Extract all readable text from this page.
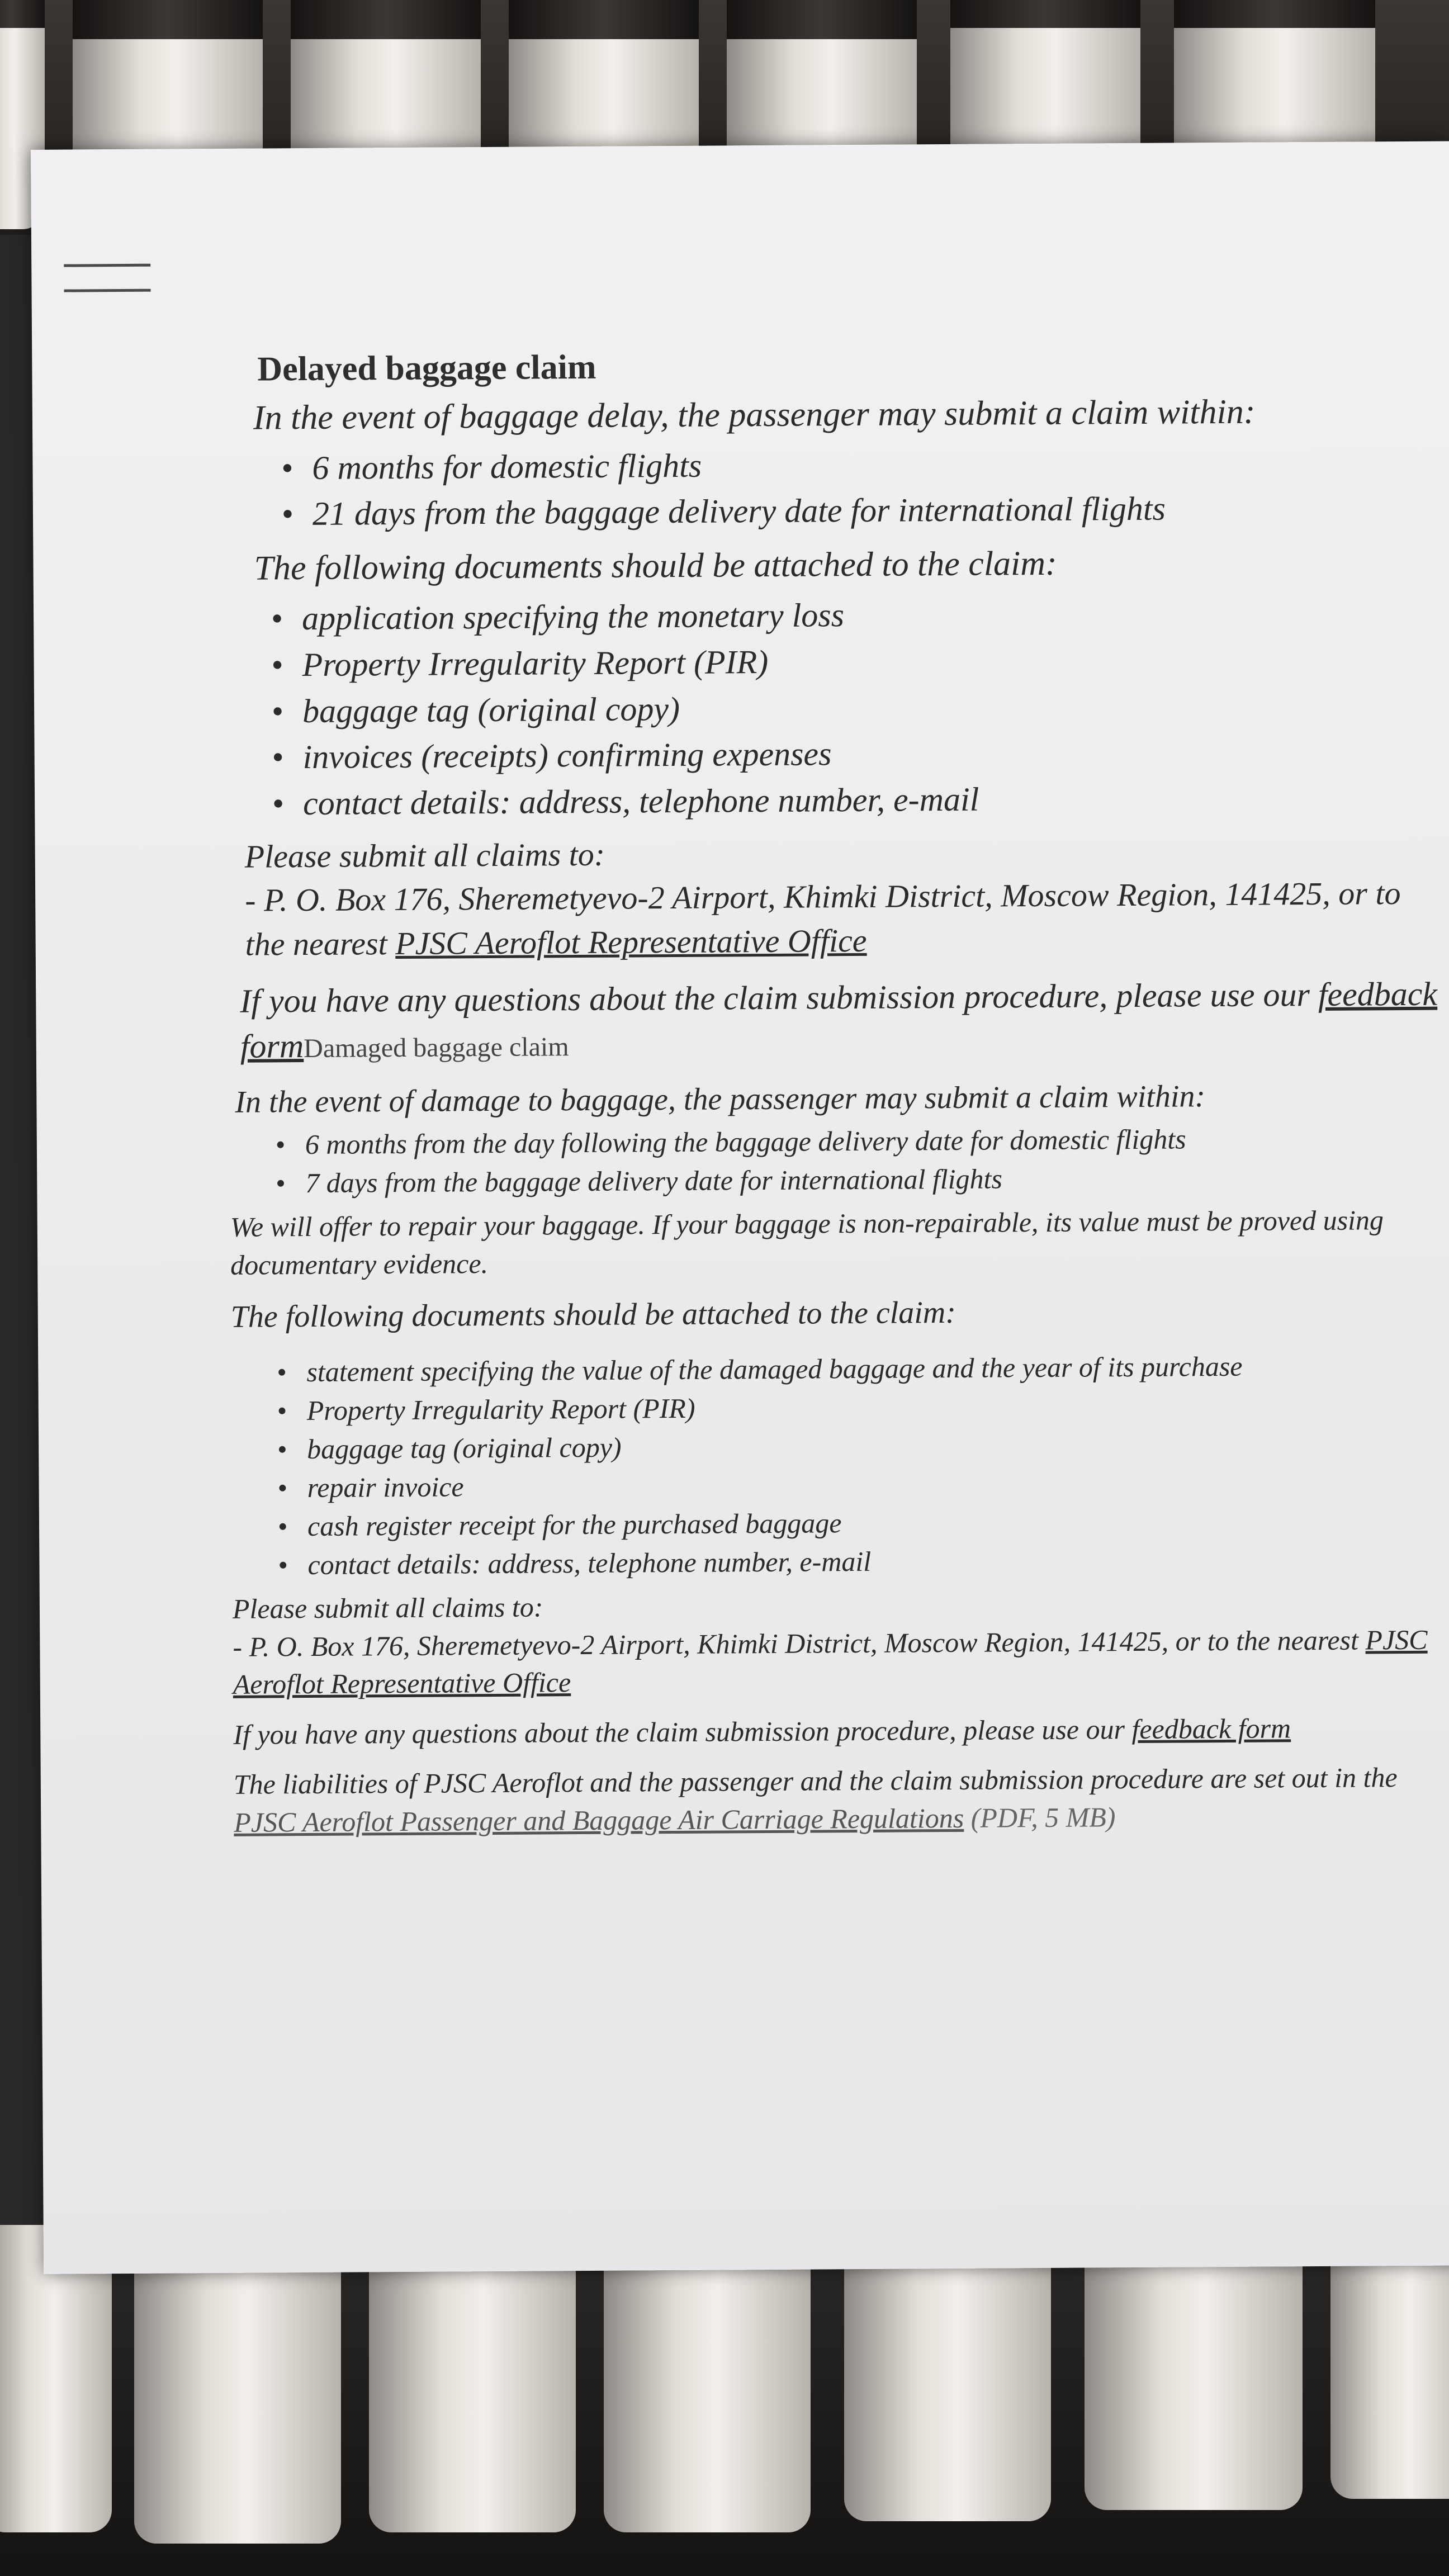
Delayed baggage claim

In the event of baggage delay, the passenger may submit a claim within:

• 6 months for domestic flights
• 21 days from the baggage delivery date for international flights

The following documents should be attached to the claim:

• application specifying the monetary loss
• Property Irregularity Report (PIR)
• baggage tag (original copy)
• invoices (receipts) confirming expenses
• contact details: address, telephone number, e-mail

Please submit all claims to:

- P. O. Box 176, Sheremetyevo-2 Airport, Khimki District, Moscow Region, 141425, or to the nearest PJSC Aeroflot Representative Office

If you have any questions about the claim submission procedure, please use our feedback formDamaged baggage claim

In the event of damage to baggage, the passenger may submit a claim within:

• 6 months from the day following the baggage delivery date for domestic flights
• 7 days from the baggage delivery date for international flights

We will offer to repair your baggage. If your baggage is non-repairable, its value must be proved using documentary evidence.

The following documents should be attached to the claim:

• statement specifying the value of the damaged baggage and the year of its purchase
• Property Irregularity Report (PIR)
• baggage tag (original copy)
• repair invoice
• cash register receipt for the purchased baggage
• contact details: address, telephone number, e-mail

Please submit all claims to:

- P. O. Box 176, Sheremetyevo-2 Airport, Khimki District, Moscow Region, 141425, or to the nearest PJSC Aeroflot Representative Office

If you have any questions about the claim submission procedure, please use our feedback form

The liabilities of PJSC Aeroflot and the passenger and the claim submission procedure are set out in the PJSC Aeroflot Passenger and Baggage Air Carriage Regulations (PDF, 5 MB)
